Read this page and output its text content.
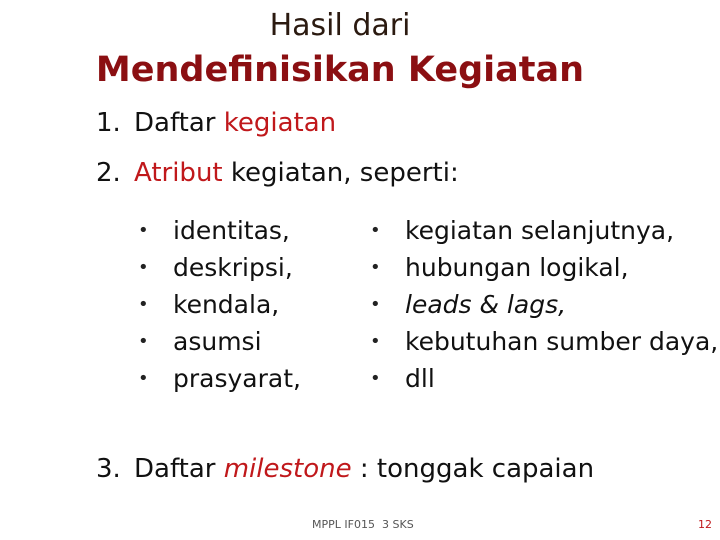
Hasil dari
Mendefinisikan Kegiatan
1. Daftar kegiatan
2. Atribut kegiatan, seperti:
• identitas,
• deskripsi,
• kendala,
• asumsi
• prasyarat,
• kegiatan selanjutnya,
• hubungan logikal,
• leads & lags,
• kebutuhan sumber daya,
• dll
3. Daftar milestone : tonggak capaian
MPPL IF015 3 SKS	12
